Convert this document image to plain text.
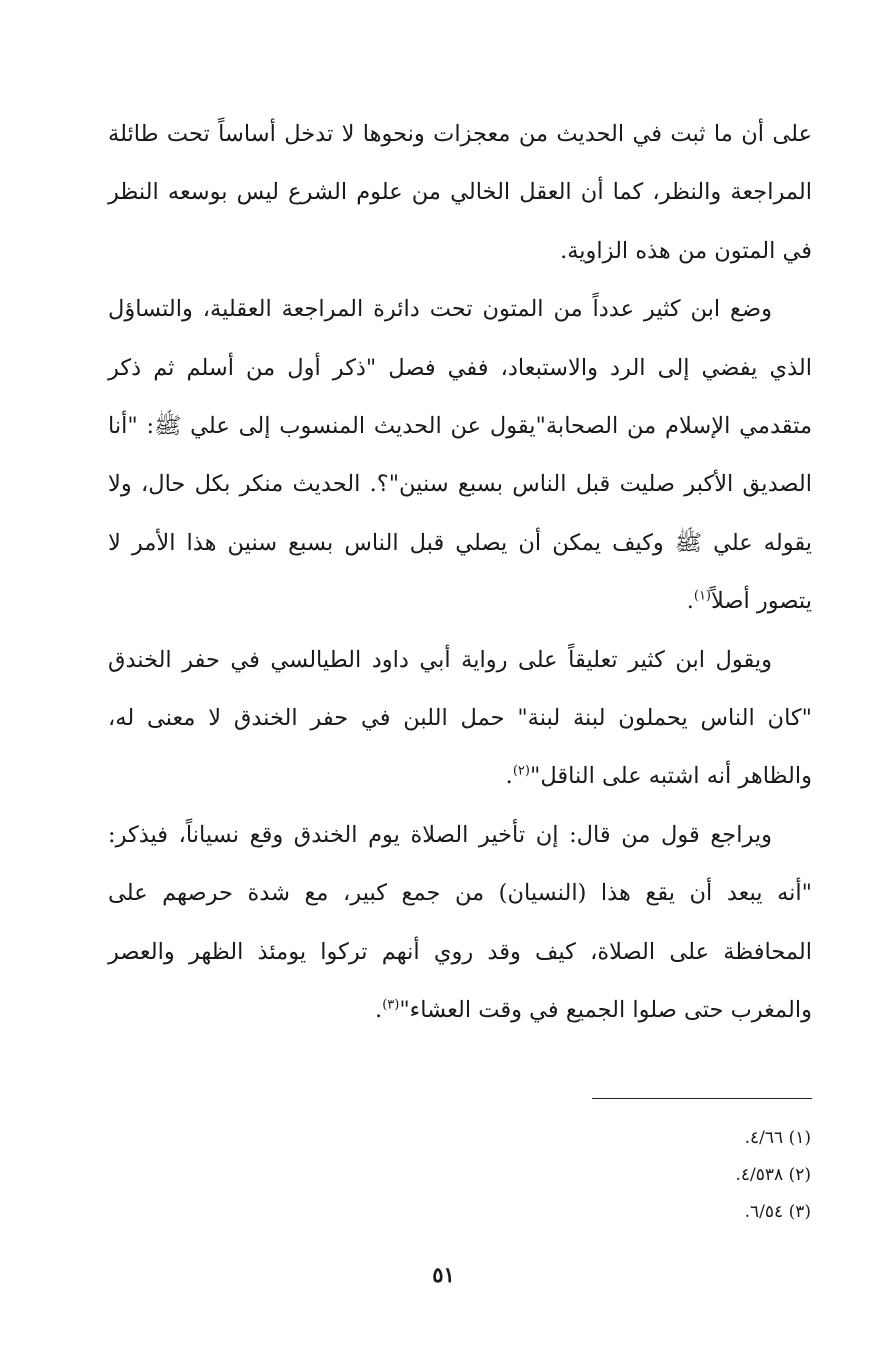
على أن ما ثبت في الحديث من معجزات ونحوها لا تدخل أساساً تحت طائلة المراجعة والنظر، كما أن العقل الخالي من علوم الشرع ليس بوسعه النظر في المتون من هذه الزاوية.

وضع ابن كثير عدداً من المتون تحت دائرة المراجعة العقلية، والتساؤل الذي يفضي إلى الرد والاستبعاد، ففي فصل "ذكر أول من أسلم ثم ذكر متقدمي الإسلام من الصحابة"يقول عن الحديث المنسوب إلى علي ﷺ: "أنا الصديق الأكبر صليت قبل الناس بسبع سنين"؟. الحديث منكر بكل حال، ولا يقوله علي ﷺ وكيف يمكن أن يصلي قبل الناس بسبع سنين هذا الأمر لا يتصور أصلاً$^{(١)}$.

ويقول ابن كثير تعليقاً على رواية أبي داود الطيالسي في حفر الخندق "كان الناس يحملون لبنة لبنة" حمل اللبن في حفر الخندق لا معنى له، والظاهر أنه اشتبه على الناقل"$^{(٢)}$.

ويراجع قول من قال: إن تأخير الصلاة يوم الخندق وقع نسياناً، فيذكر: "أنه يبعد أن يقع هذا (النسيان) من جمع كبير، مع شدة حرصهم على المحافظة على الصلاة، كيف وقد روي أنهم تركوا يومئذ الظهر والعصر والمغرب حتى صلوا الجميع في وقت العشاء"$^{(٣)}$.

(١) ٤/٦٦.
(٢) ٤/٥٣٨.
(٣) ٦/٥٤.
٥١
